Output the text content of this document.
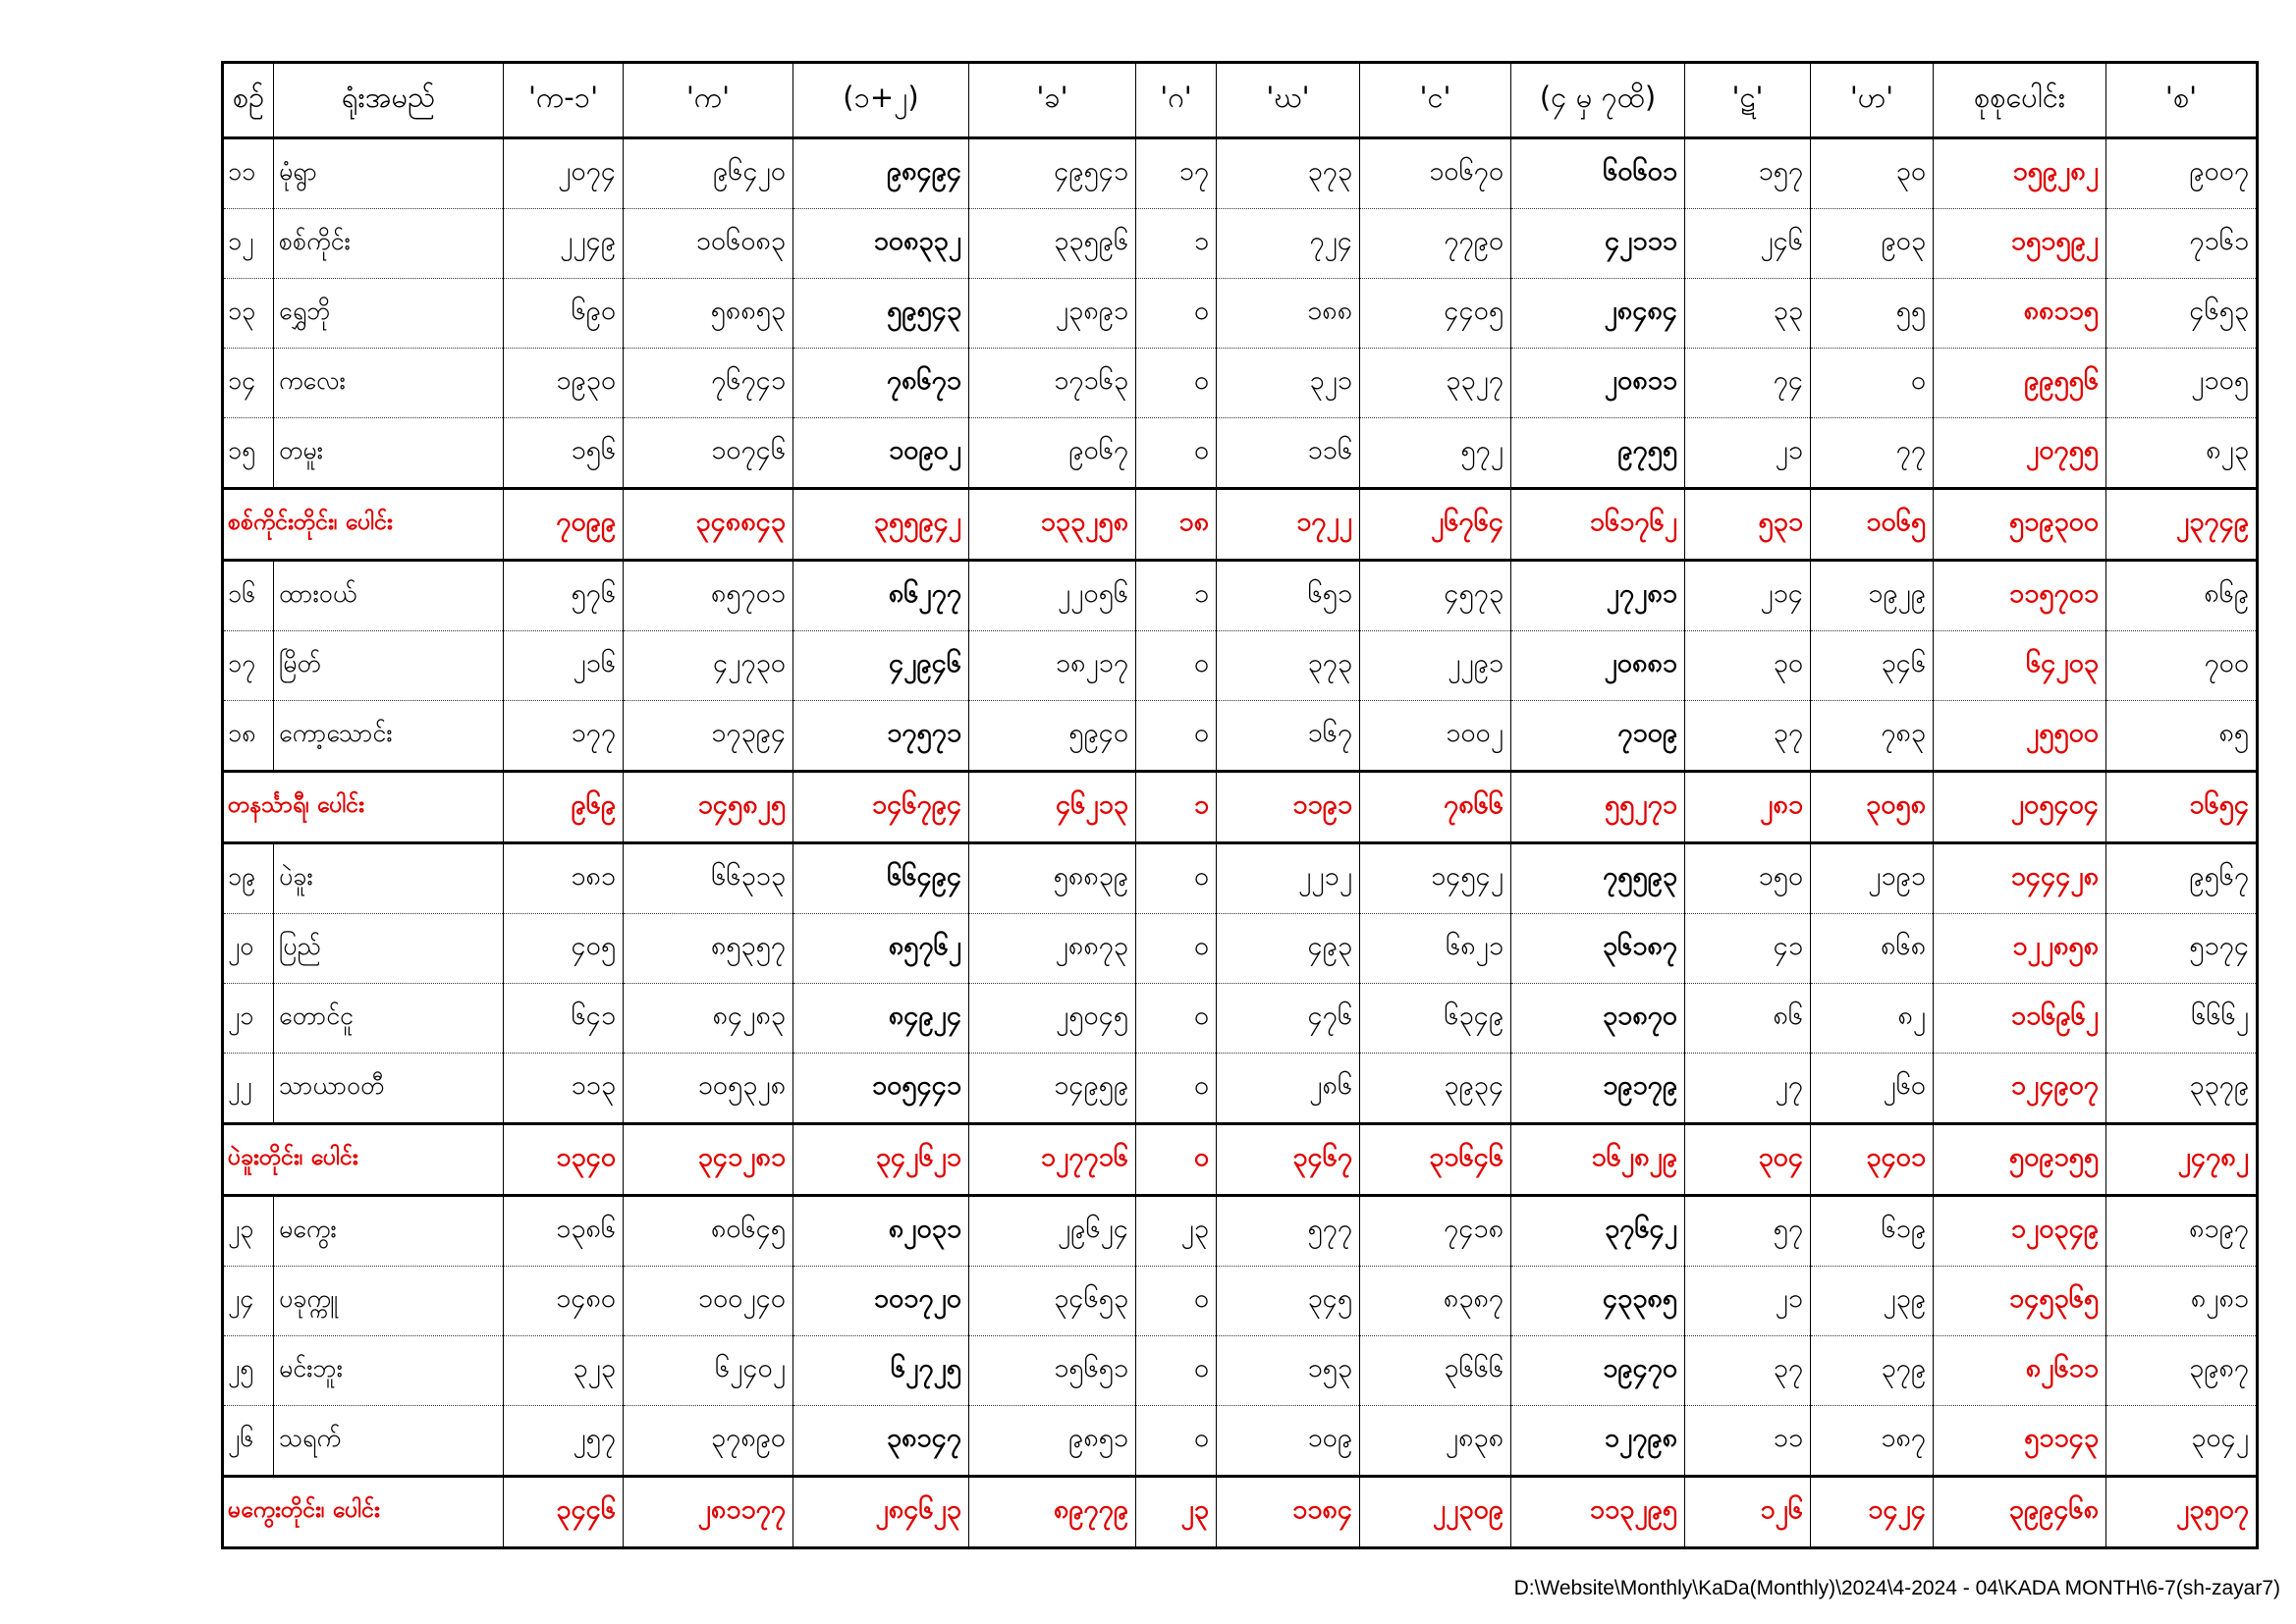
စဉ်	ရုံးအမည်	'က-၁'	'က'	(၁+၂)	'ခ'	'ဂ'	'ဃ'	'င'	(၄ မှ ၇ထိ)	'ဋ'	'ဟ'	စုစုပေါင်း	'စ'
၁၁	မုံရွာ	၂၀၇၄	၉၆၄၂၀	၉၈၄၉၄	၄၉၅၄၁	၁၇	၃၇၃	၁၀၆၇၀	၆၀၆၀၁	၁၅၇	၃၀	၁၅၉၂၈၂	၉၀၀၇
၁၂	စစ်ကိုင်း	၂၂၄၉	၁၀၆၀၈၃	၁၀၈၃၃၂	၃၃၅၉၆	၁	၇၂၄	၇၇၉၀	၄၂၁၁၁	၂၄၆	၉၀၃	၁၅၁၅၉၂	၇၁၆၁
၁၃	ရွှေဘို	၆၉၀	၅၈၈၅၃	၅၉၅၄၃	၂၃၈၉၁	၀	၁၈၈	၄၄၀၅	၂၈၄၈၄	၃၃	၅၅	၈၈၁၁၅	၄၆၅၃
၁၄	ကလေး	၁၉၃၀	၇၆၇၄၁	၇၈၆၇၁	၁၇၁၆၃	၀	၃၂၁	၃၃၂၇	၂၀၈၁၁	၇၄	၀	၉၉၅၅၆	၂၁၀၅
၁၅	တမူး	၁၅၆	၁၀၇၄၆	၁၀၉၀၂	၉၀၆၇	၀	၁၁၆	၅၇၂	၉၇၅၅	၂၁	၇၇	၂၀၇၅၅	၈၂၃
စစ်ကိုင်းတိုင်း၊ ပေါင်း		၇၀၉၉	၃၄၈၈၄၃	၃၅၅၉၄၂	၁၃၃၂၅၈	၁၈	၁၇၂၂	၂၆၇၆၄	၁၆၁၇၆၂	၅၃၁	၁၀၆၅	၅၁၉၃၀၀	၂၃၇၄၉
၁၆	ထားဝယ်	၅၇၆	၈၅၇၀၁	၈၆၂၇၇	၂၂၀၅၆	၁	၆၅၁	၄၅၇၃	၂၇၂၈၁	၂၁၄	၁၉၂၉	၁၁၅၇၀၁	၈၆၉
၁၇	မြိတ်	၂၁၆	၄၂၇၃၀	၄၂၉၄၆	၁၈၂၁၇	၀	၃၇၃	၂၂၉၁	၂၀၈၈၁	၃၀	၃၄၆	၆၄၂၀၃	၇၀၀
၁၈	ကော့သောင်း	၁၇၇	၁၇၃၉၄	၁၇၅၇၁	၅၉၄၀	၀	၁၆၇	၁၀၀၂	၇၁၀၉	၃၇	၇၈၃	၂၅၅၀၀	၈၅
တနင်္သာရီ၊ ပေါင်း		၉၆၉	၁၄၅၈၂၅	၁၄၆၇၉၄	၄၆၂၁၃	၁	၁၁၉၁	၇၈၆၆	၅၅၂၇၁	၂၈၁	၃၀၅၈	၂၀၅၄၀၄	၁၆၅၄
၁၉	ပဲခူး	၁၈၁	၆၆၃၁၃	၆၆၄၉၄	၅၈၈၃၉	၀	၂၂၁၂	၁၄၅၄၂	၇၅၅၉၃	၁၅၀	၂၁၉၁	၁၄၄၄၂၈	၉၅၆၇
၂၀	ပြည်	၄၀၅	၈၅၃၅၇	၈၅၇၆၂	၂၈၈၇၃	၀	၄၉၃	၆၈၂၁	၃၆၁၈၇	၄၁	၈၆၈	၁၂၂၈၅၈	၅၁၇၄
၂၁	တောင်ငူ	၆၄၁	၈၄၂၈၃	၈၄၉၂၄	၂၅၀၄၅	၀	၄၇၆	၆၃၄၉	၃၁၈၇၀	၈၆	၈၂	၁၁၆၉၆၂	၆၆၆၂
၂၂	သာယာဝတီ	၁၁၃	၁၀၅၃၂၈	၁၀၅၄၄၁	၁၄၉၅၉	၀	၂၈၆	၃၉၃၄	၁၉၁၇၉	၂၇	၂၆၀	၁၂၄၉၀၇	၃၃၇၉
ပဲခူးတိုင်း၊ ပေါင်း		၁၃၄၀	၃၄၁၂၈၁	၃၄၂၆၂၁	၁၂၇၇၁၆	၀	၃၄၆၇	၃၁၆၄၆	၁၆၂၈၂၉	၃၀၄	၃၄၀၁	၅၀၉၁၅၅	၂၄၇၈၂
၂၃	မကွေး	၁၃၈၆	၈၀၆၄၅	၈၂၀၃၁	၂၉၆၂၄	၂၃	၅၇၇	၇၄၁၈	၃၇၆၄၂	၅၇	၆၁၉	၁၂၀၃၄၉	၈၁၉၇
၂၄	ပခုက္ကူ	၁၄၈၀	၁၀၀၂၄၀	၁၀၁၇၂၀	၃၄၆၅၃	၀	၃၄၅	၈၃၈၇	၄၃၃၈၅	၂၁	၂၃၉	၁၄၅၃၆၅	၈၂၈၁
၂၅	မင်းဘူး	၃၂၃	၆၂၄၀၂	၆၂၇၂၅	၁၅၆၅၁	၀	၁၅၃	၃၆၆၆	၁၉၄၇၀	၃၇	၃၇၉	၈၂၆၁၁	၃၉၈၇
၂၆	သရက်	၂၅၇	၃၇၈၉၀	၃၈၁၄၇	၉၈၅၁	၀	၁၀၉	၂၈၃၈	၁၂၇၉၈	၁၁	၁၈၇	၅၁၁၄၃	၃၀၄၂
မကွေးတိုင်း၊ ပေါင်း		၃၄၄၆	၂၈၁၁၇၇	၂၈၄၆၂၃	၈၉၇၇၉	၂၃	၁၁၈၄	၂၂၃၀၉	၁၁၃၂၉၅	၁၂၆	၁၄၂၄	၃၉၉၄၆၈	၂၃၅၀၇
D:\Website\Monthly\KaDa(Monthly)\2024\4-2024 - 04\KADA MONTH\6-7(sh-zayar7)
